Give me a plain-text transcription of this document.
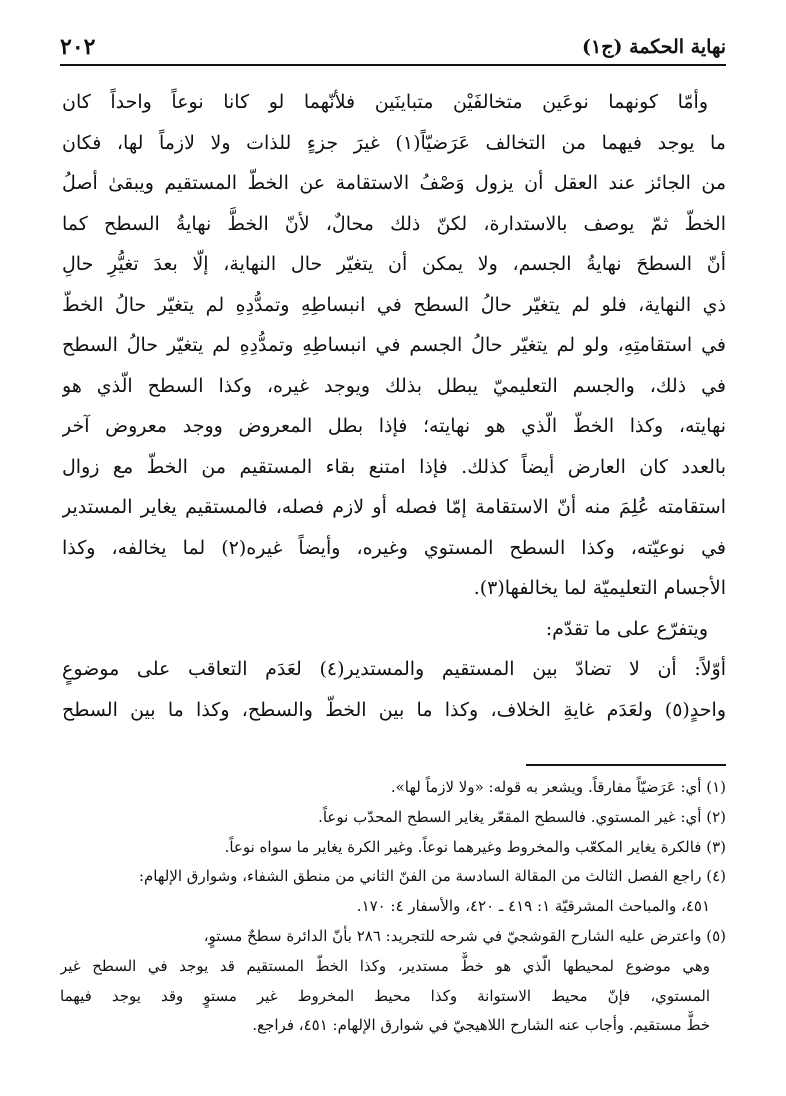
نهاية الحكمة (ج١)
٢٠٢
وأمّا كونهما نوعَين متخالفَيْن متباينَين فلأنّهما لو كانا نوعاً واحداً كان
ما يوجد فيهما من التخالف عَرَضيّاً(١) غيرَ جزءٍ للذات ولا لازماً لها، فكان
من الجائز عند العقل أن يزول وَصْفُ الاستقامة عن الخطّ المستقيم ويبقىٰ أصلُ
الخطّ ثمّ يوصف بالاستدارة، لكنّ ذلك محالٌ، لأنّ الخطَّ نهايةُ السطح كما
أنّ السطحَ نهايةُ الجسم، ولا يمكن أن يتغيّر حال النهاية، إلّا بعدَ تغيُّرِ حالِ
ذي النهاية، فلو لم يتغيّر حالُ السطح في انبساطِهِ وتمدُّدِهِ لم يتغيّر حالُ الخطّ
في استقامتِهِ، ولو لم يتغيّر حالُ الجسم في انبساطِهِ وتمدُّدِهِ لم يتغيّر حالُ السطح
في ذلك، والجسم التعليميّ يبطل بذلك ويوجد غيره، وكذا السطح الّذي هو
نهايته، وكذا الخطّ الّذي هو نهايته؛ فإذا بطل المعروض ووجد معروض آخر
بالعدد كان العارض أيضاً كذلك. فإذا امتنع بقاء المستقيم من الخطّ مع زوال
استقامته عُلِمَ منه أنّ الاستقامة إمّا فصله أو لازم فصله، فالمستقيم يغاير المستدير
في نوعيّته، وكذا السطح المستوي وغيره، وأيضاً غيره(٢) لما يخالفه، وكذا
الأجسام التعليميّة لما يخالفها(٣).
ويتفرّع على ما تقدّم:
أوّلاً: أن لا تضادّ بين المستقيم والمستدير(٤) لعَدَم التعاقب على موضوعٍ
واحدٍ(٥) ولعَدَم غايةِ الخلاف، وكذا ما بين الخطّ والسطح، وكذا ما بين السطح
(١) أي: عَرَضيّاً مفارقاً. ويشعر به قوله: «ولا لازماً لها».
(٢) أي: غير المستوي. فالسطح المقعّر يغاير السطح المحدّب نوعاً.
(٣) فالكرة يغاير المكعّب والمخروط وغيرهما نوعاً. وغير الكرة يغاير ما سواه نوعاً.
(٤) راجع الفصل الثالث من المقالة السادسة من الفنّ الثاني من منطق الشفاء، وشوارق الإلهام:
٤٥١، والمباحث المشرقيّة ١: ٤١٩ ـ ٤٢٠، والأسفار ٤: ١٧٠.
(٥) واعترض عليه الشارح القوشجيّ في شرحه للتجريد: ٢٨٦ بأنّ الدائرة سطحٌ مستوٍ،
وهي موضوع لمحيطها الّذي هو خطٌّ مستدير، وكذا الخطّ المستقيم قد يوجد في السطح غير
المستوي، فإنّ محيط الاستوانة وكذا محيط المخروط غير مستوٍ وقد يوجد فيهما
خطٌّ مستقيم. وأجاب عنه الشارح اللاهيجيّ في شوارق الإلهام: ٤٥١، فراجع.
